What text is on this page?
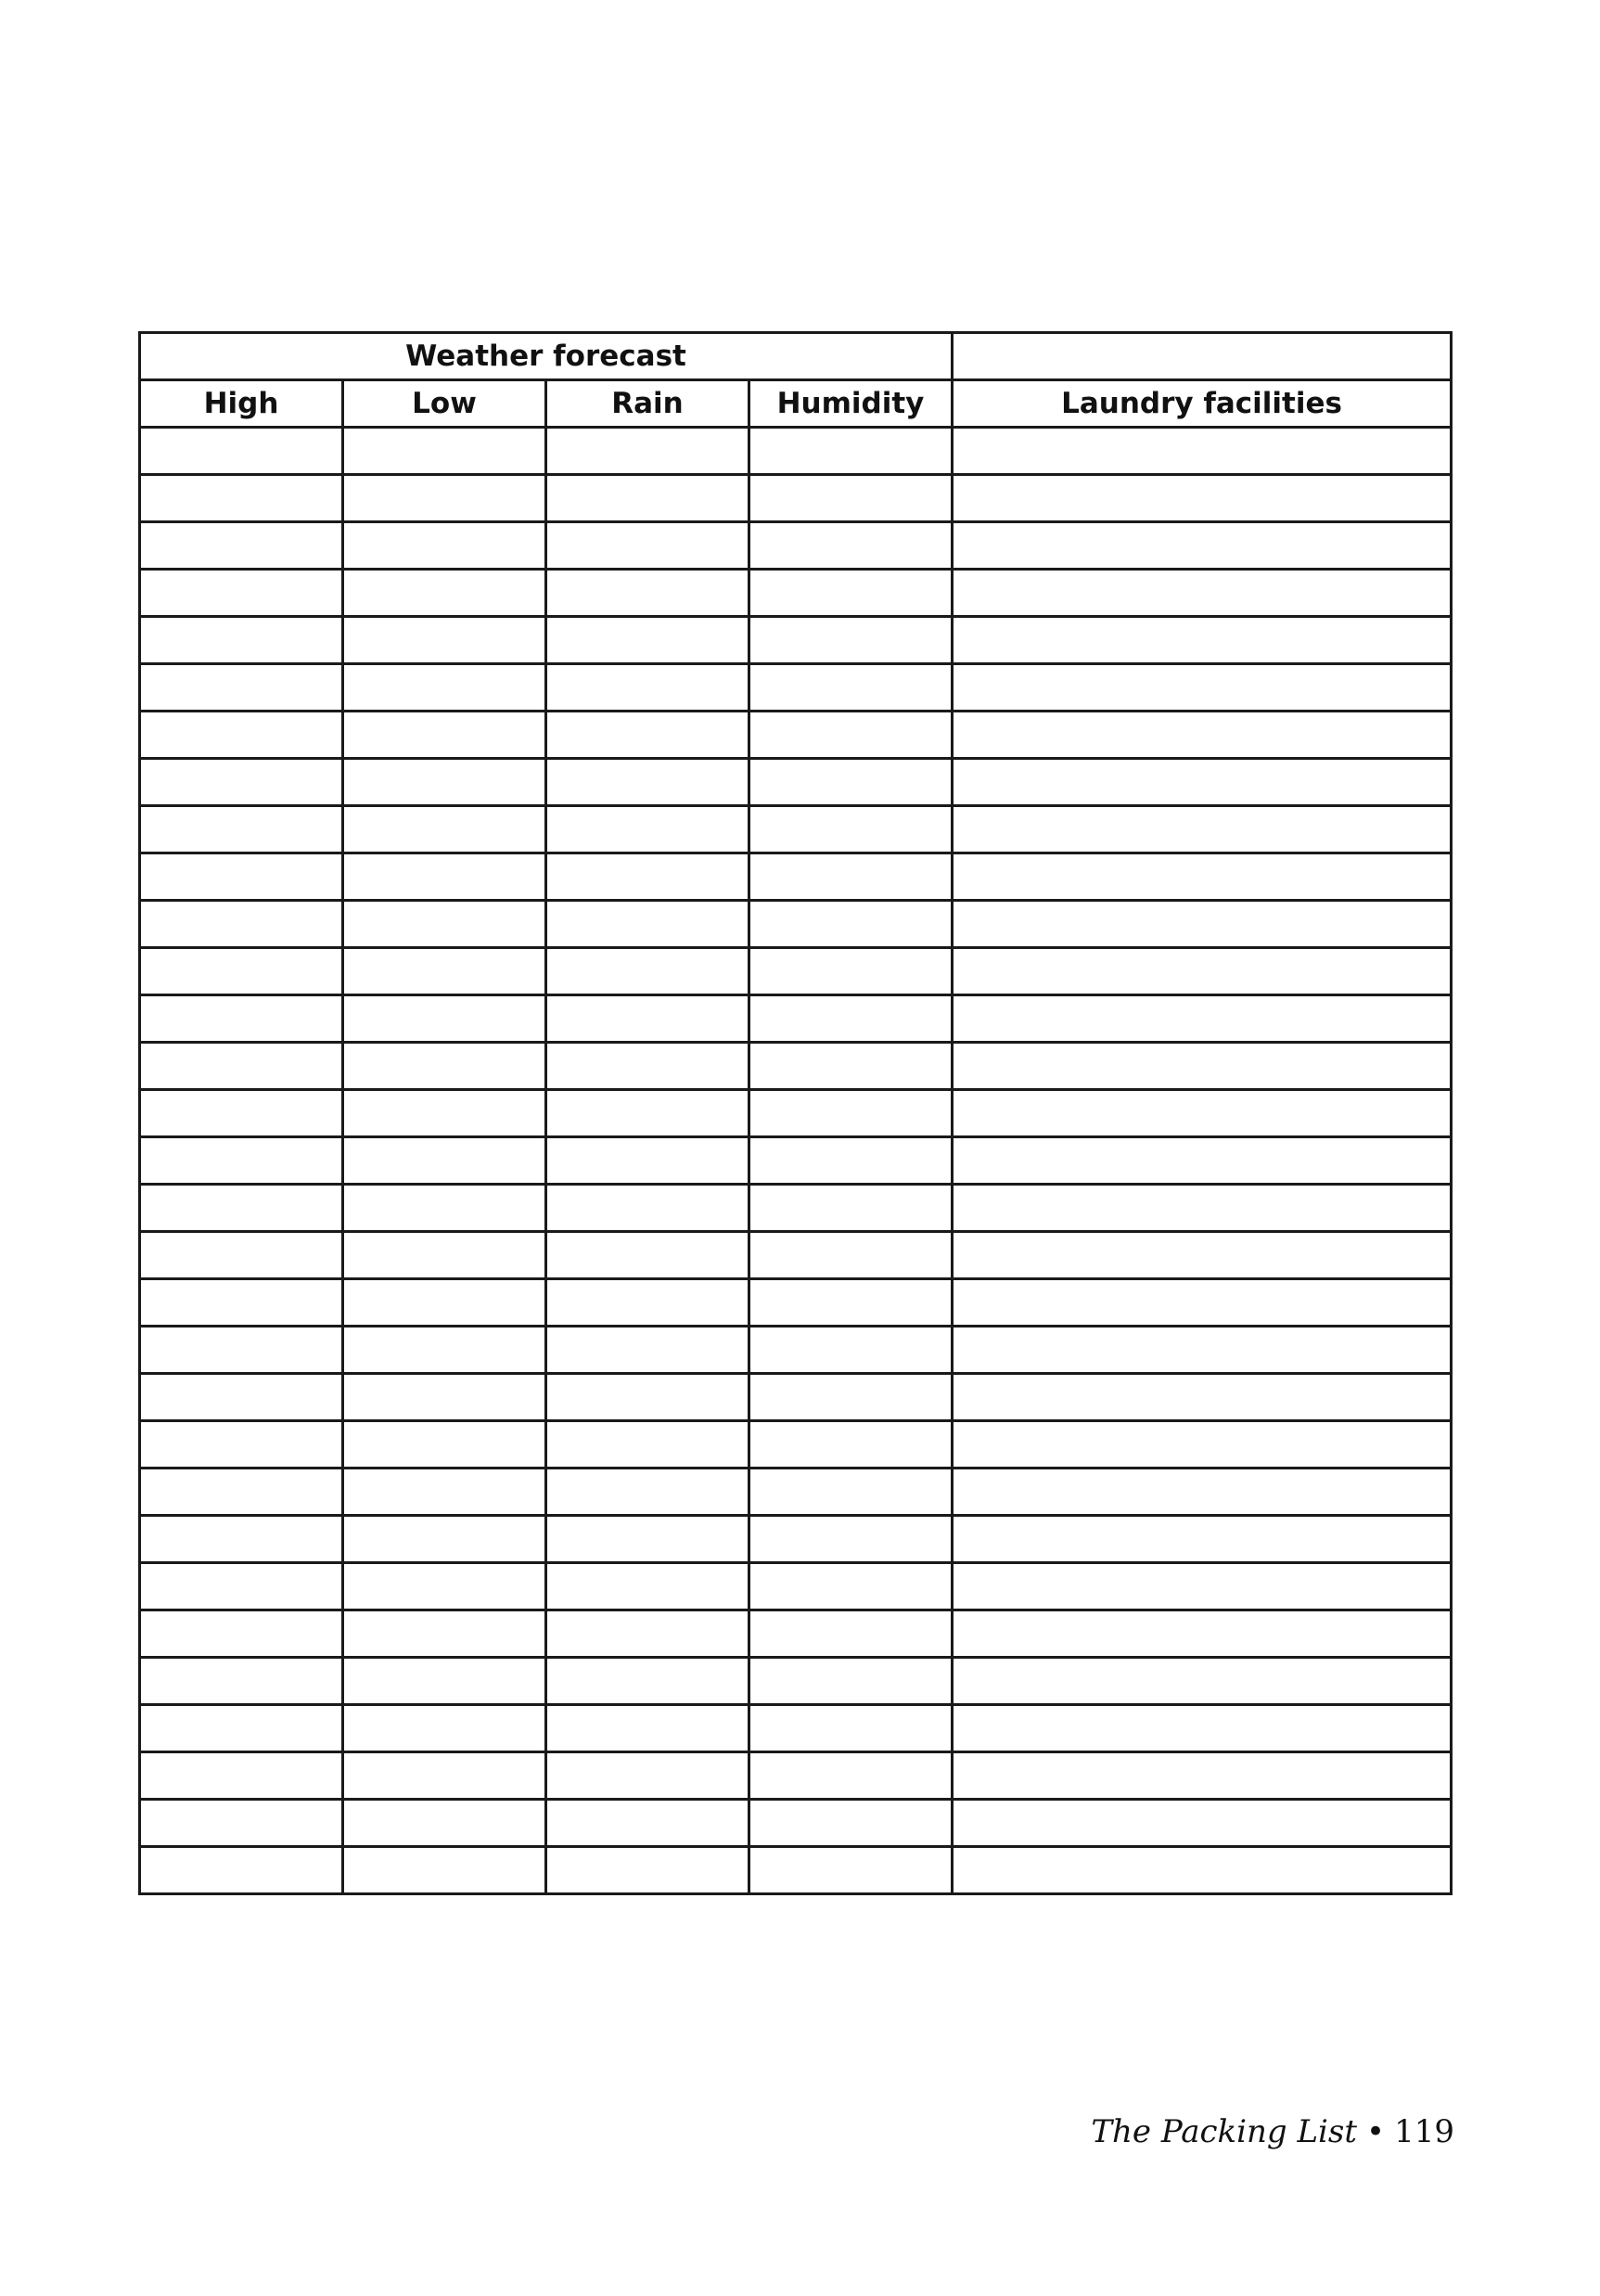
Weather forecast				
High	Low	Rain	Humidity	Laundry facilities

The Packing List • 119
